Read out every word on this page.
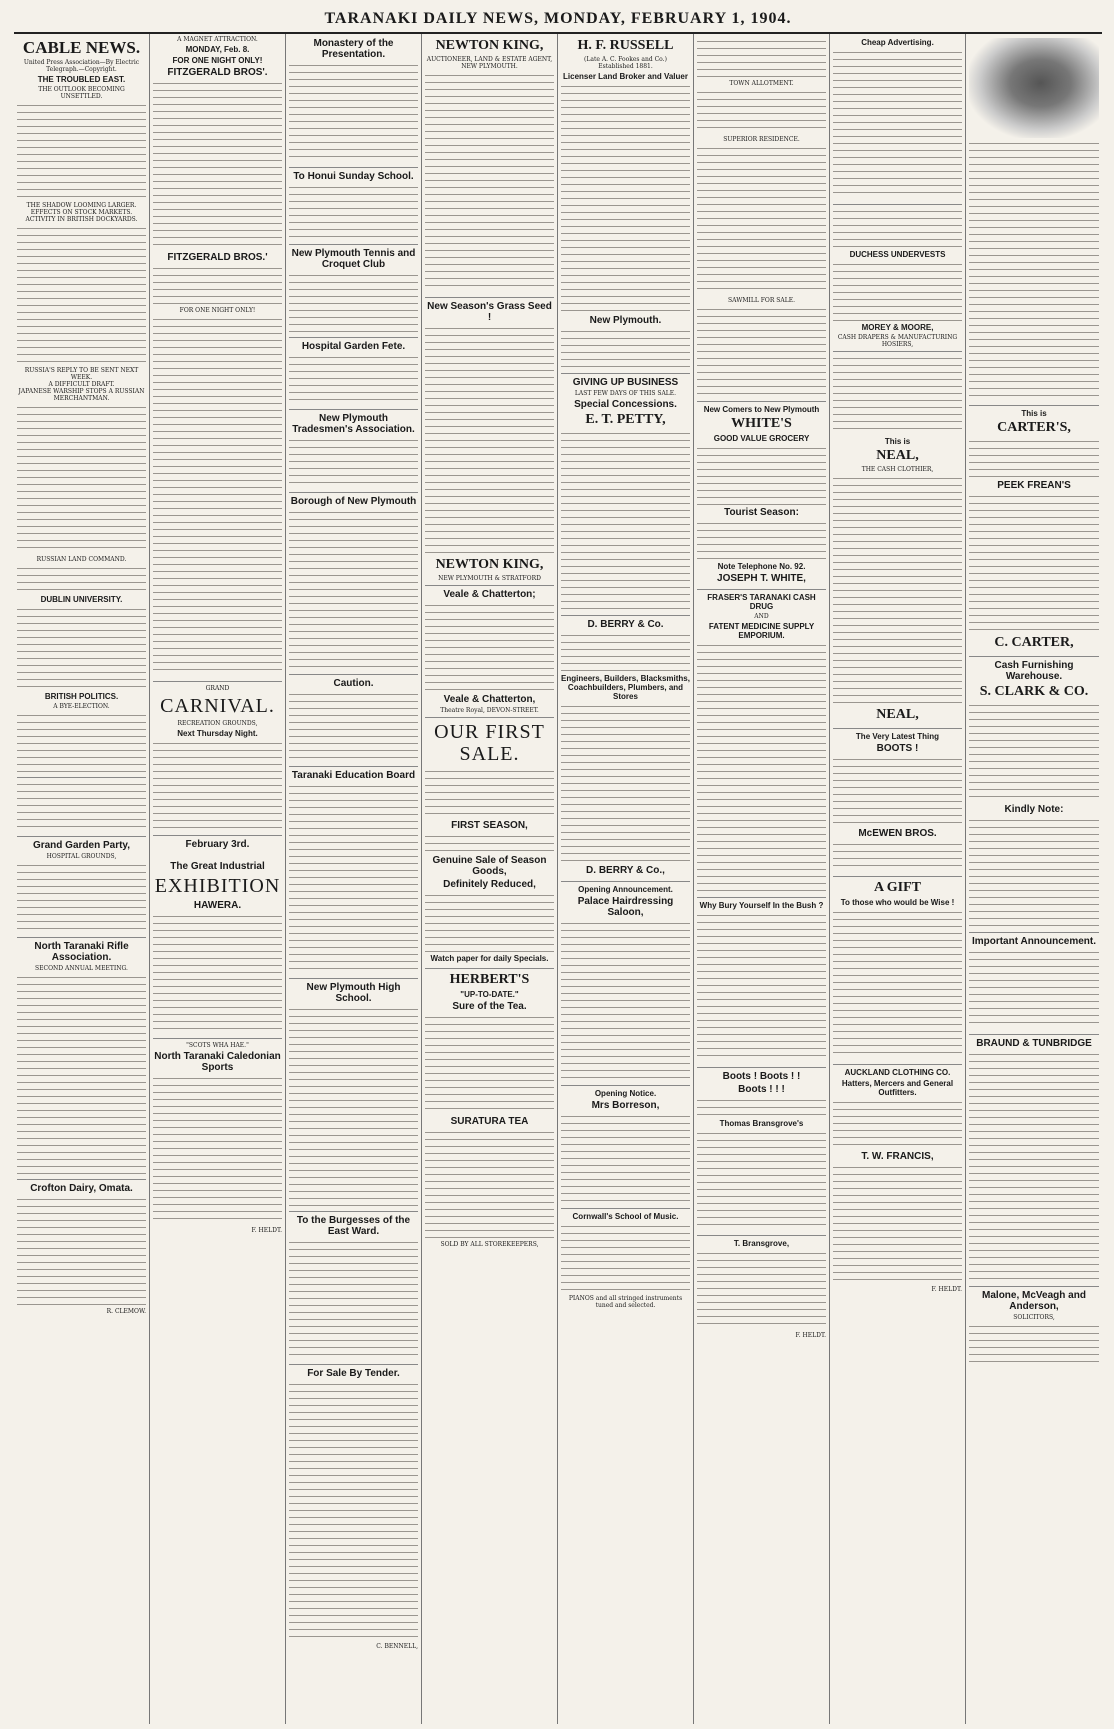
TARANAKI DAILY NEWS, MONDAY, FEBRUARY 1, 1904.
CABLE NEWS.
United Press Association—By Electric Telegraph.—Copyright.
THE TROUBLED EAST.
THE OUTLOOK BECOMING UNSETTLED.
THE SHADOW LOOMING LARGER.
EFFECTS ON STOCK MARKETS.
ACTIVITY IN BRITISH DOCKYARDS.
RUSSIA'S REPLY TO BE SENT NEXT WEEK.
A DIFFICULT DRAFT.
JAPANESE WARSHIP STOPS A RUSSIAN MERCHANTMAN.
RUSSIAN LAND COMMAND.
DUBLIN UNIVERSITY.
BRITISH POLITICS.
A BYE-ELECTION.
Grand Garden Party,
HOSPITAL GROUNDS,
North Taranaki Rifle Association.
SECOND ANNUAL MEETING.
Crofton Dairy, Omata.
R. CLEMOW.
A MAGNET ATTRACTION.
MONDAY, Feb. 8.
FOR ONE NIGHT ONLY!
FITZGERALD BROS'.
FITZGERALD BROS.'
FOR ONE NIGHT ONLY!
GRAND
CARNIVAL.
RECREATION GROUNDS,
Next Thursday Night.
February 3rd.

The Great Industrial
EXHIBITION
HAWERA.
"SCOTS WHA HAE."
North Taranaki Caledonian Sports
F. HELDT.
Monastery of the Presentation.
To Honui Sunday School.
New Plymouth Tennis and Croquet Club
Hospital Garden Fete.
New Plymouth Tradesmen's Association.
Borough of New Plymouth
Caution.
Taranaki Education Board
New Plymouth High School.
To the Burgesses of the East Ward.
For Sale By Tender.
C. BENNELL,
NEWTON KING,
AUCTIONEER, LAND & ESTATE AGENT,
NEW PLYMOUTH.
New Season's Grass Seed !
NEWTON KING,
NEW PLYMOUTH & STRATFORD
Veale & Chatterton;
Veale & Chatterton,
Theatre Royal, DEVON-STREET.
OUR FIRST SALE.
FIRST SEASON,
Genuine Sale of Season Goods,
Definitely Reduced,
Watch paper for daily Specials.
HERBERT'S
"UP-TO-DATE."
Sure of the Tea.
SURATURA TEA
SOLD BY ALL STOREKEEPERS,
H. F. RUSSELL
(Late A. C. Fookes and Co.)
Established 1881.
Licenser Land Broker and Valuer
New Plymouth.
GIVING UP BUSINESS
LAST FEW DAYS OF THIS SALE.
Special Concessions.
E. T. PETTY,
D. BERRY & Co.
Engineers, Builders, Blacksmiths, Coachbuilders, Plumbers, and Stores
D. BERRY & Co.,
Opening Announcement.
Palace Hairdressing Saloon,
Opening Notice.
Mrs Borreson,
Cornwall's School of Music.
PIANOS and all stringed instruments tuned and selected.
TOWN ALLOTMENT.
SUPERIOR RESIDENCE.
SAWMILL FOR SALE.
New Comers to New Plymouth
WHITE'S
GOOD VALUE GROCERY
Tourist Season:
Note Telephone No. 92.
JOSEPH T. WHITE,
FRASER'S TARANAKI CASH DRUG
AND
FATENT MEDICINE SUPPLY EMPORIUM.
Why Bury Yourself In the Bush ?
Boots ! Boots ! !
Boots ! ! !
Thomas Bransgrove's
T. Bransgrove,
F. HELDT.
Cheap Advertising.
DUCHESS UNDERVESTS
MOREY & MOORE,
CASH DRAPERS & MANUFACTURING HOSIERS,
This is
NEAL,
THE CASH CLOTHIER,
NEAL,
The Very Latest Thing
BOOTS !
McEWEN BROS.
A GIFT
To those who would be Wise !
AUCKLAND CLOTHING CO.
Hatters, Mercers and General Outfitters.
T. W. FRANCIS,
F. HELDT.
This is
CARTER'S,
PEEK FREAN'S
C. CARTER,
Cash Furnishing Warehouse.
S. CLARK & CO.
Kindly Note:
Important Announcement.
BRAUND & TUNBRIDGE
Malone, McVeagh and Anderson,
SOLICITORS,
